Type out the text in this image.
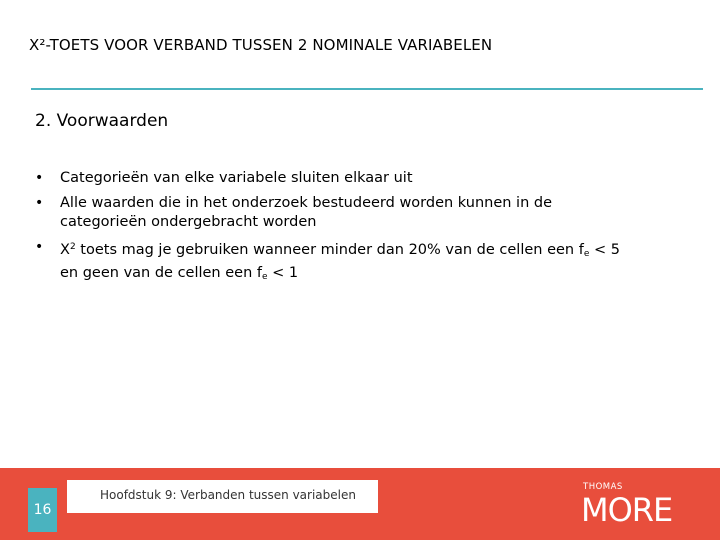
X²-TOETS VOOR VERBAND TUSSEN 2 NOMINALE VARIABELEN
2. Voorwaarden
• Categorieën van elke variabele sluiten elkaar uit
• Alle waarden die in het onderzoek bestudeerd worden kunnen in de
categorieën ondergebracht worden
• $X^2$ toets mag je gebruiken wanneer minder dan 20% van de cellen een $f_e < 5$
en geen van de cellen een $f_e < 1$
16
Hoofdstuk 9: Verbanden tussen variabelen
THOMAS
MORE
